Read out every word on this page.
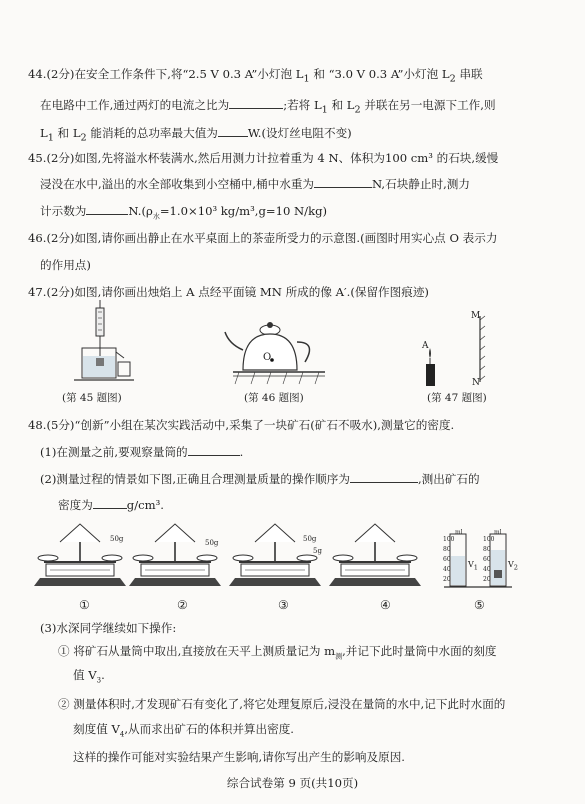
44.(2分)在安全工作条件下,将“2.5 V 0.3 A”小灯泡 $L_1$ 和 “3.0 V 0.3 A”小灯泡 $L_2$ 串联
在电路中工作,通过两灯的电流之比为	;若将 $L_1$ 和 $L_2$ 并联在另一电源下工作,则
$L_1$ 和 $L_2$ 能消耗的总功率最大值为	W.(设灯丝电阻不变)
45.(2分)如图,先将溢水杯装满水,然后用测力计拉着重为 4 N、体积为100 cm³ 的石块,缓慢
浸没在水中,溢出的水全部收集到小空桶中,桶中水重为	N,石块静止时,测力
计示数为	$N.(\rho_水=1.0\times 10^3$ kg/m³,g=10 N/kg)
46.(2分)如图,请你画出静止在水平桌面上的茶壶所受力的示意图.(画图时用实心点 O 表示力
的作用点)
47.(2分)如图,请你画出烛焰上 A 点经平面镜 MN 所成的像 A′.(保留作图痕迹)
(第 45 题图)
O
(第 46 题图)
A
M
N
(第 47 题图)
48.(5分)“创新”小组在某次实践活动中,采集了一块矿石(矿石不吸水),测量它的密度.
(1)在测量之前,要观察量筒的	.
(2)测量过程的情景如下图,正确且合理测量质量的操作顺序为	,测出矿石的
密度为	g/cm³.
100
80
60
40
20
100
80
60
40
20
ml	ml
$V_1$	$V_2$
①	②	③	④	⑤
50g	50g	50g
5g
(3)水深同学继续如下操作:
① 将矿石从量筒中取出,直接放在天平上测质量记为 $m_测$,并记下此时量筒中水面的刻度
值 $V_3$.
② 测量体积时,才发现矿石有变化了,将它处理复原后,浸没在量筒的水中,记下此时水面的
刻度值 $V_4$,从而求出矿石的体积并算出密度.
这样的操作可能对实验结果产生影响,请你写出产生的影响及原因.
综合试卷第 9 页(共10页)
